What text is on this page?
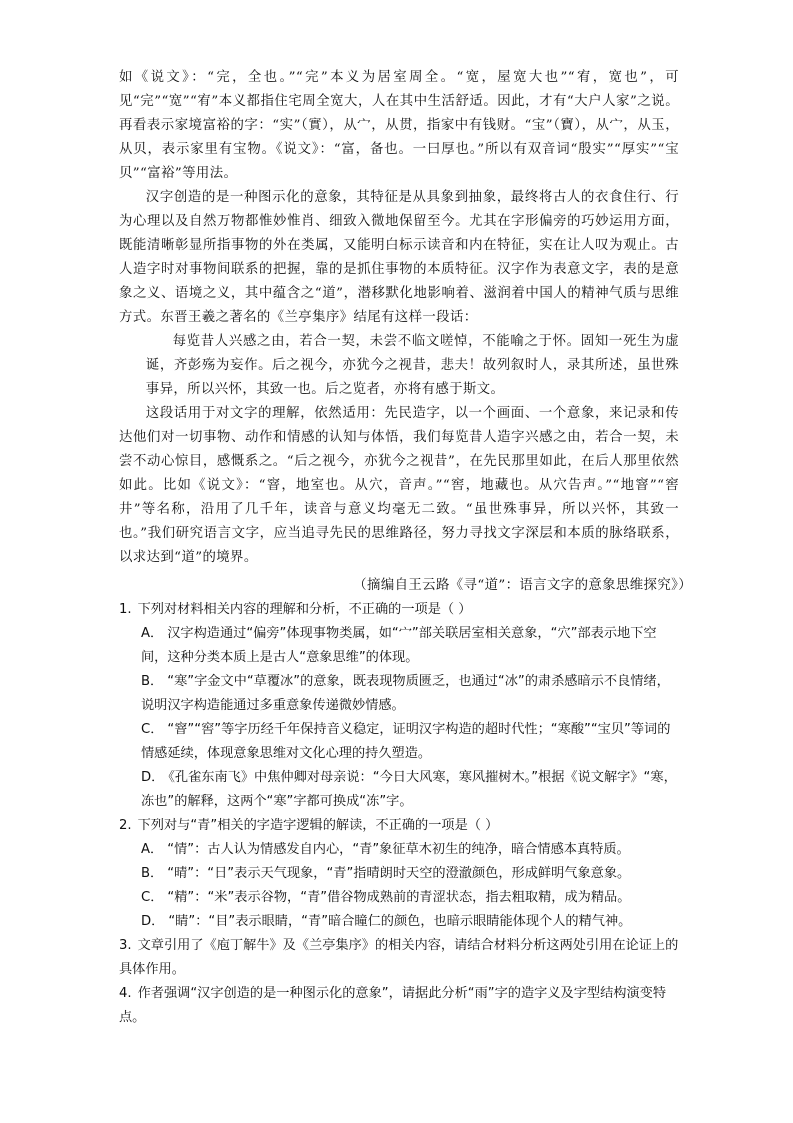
如《说文》：“完，全也。”“完”本义为居室周全。“宽，屋宽大也”“宥，宽也”，可见“完”“宽”“宥”本义都指住宅周全宽大，人在其中生活舒适。因此，才有“大户人家”之说。再看表示家境富裕的字：“实”（實），从宀，从贯，指家中有钱财。“宝”（寶），从宀，从玉，从贝，表示家里有宝物。《说文》：“富，备也。一曰厚也。”所以有双音词“殷实”“厚实”“宝贝”“富裕”等用法。

汉字创造的是一种图示化的意象，其特征是从具象到抽象，最终将古人的衣食住行、行为心理以及自然万物都惟妙惟肖、细致入微地保留至今。尤其在字形偏旁的巧妙运用方面，既能清晰彰显所指事物的外在类属，又能明白标示读音和内在特征，实在让人叹为观止。古人造字时对事物间联系的把握，靠的是抓住事物的本质特征。汉字作为表意文字，表的是意象之义、语境之义，其中蕴含之“道”，潜移默化地影响着、滋润着中国人的精神气质与思维方式。东晋王羲之著名的《兰亭集序》结尾有这样一段话：

每览昔人兴感之由，若合一契，未尝不临文嗟悼，不能喻之于怀。固知一死生为虚诞，齐彭殇为妄作。后之视今，亦犹今之视昔，悲夫！故列叙时人，录其所述，虽世殊事异，所以兴怀，其致一也。后之览者，亦将有感于斯文。

这段话用于对文字的理解，依然适用：先民造字，以一个画面、一个意象，来记录和传达他们对一切事物、动作和情感的认知与体悟，我们每览昔人造字兴感之由，若合一契，未尝不动心惊目，感慨系之。“后之视今，亦犹今之视昔”，在先民那里如此，在后人那里依然如此。比如《说文》：“窨，地室也。从穴，音声。”“窖，地藏也。从穴告声。”“地窨”“窖井”等名称，沿用了几千年，读音与意义均毫无二致。“虽世殊事异，所以兴怀，其致一也。”我们研究语言文字，应当追寻先民的思维路径，努力寻找文字深层和本质的脉络联系，以求达到“道”的境界。

（摘编自王云路《寻“道”：语言文字的意象思维探究》）
1. 下列对材料相关内容的理解和分析，不正确的一项是（ ）
A． 汉字构造通过“偏旁”体现事物类属，如“宀”部关联居室相关意象，“穴”部表示地下空间，这种分类本质上是古人“意象思维”的体现。
B． “寒”字金文中“草覆冰”的意象，既表现物质匮乏，也通过“冰”的肃杀感暗示不良情绪，说明汉字构造能通过多重意象传递微妙情感。
C． “窨”“窖”等字历经千年保持音义稳定，证明汉字构造的超时代性；“寒酸”“宝贝”等词的情感延续，体现意象思维对文化心理的持久塑造。
D． 《孔雀东南飞》中焦仲卿对母亲说：“今日大风寒，寒风摧树木。”根据《说文解字》“寒，冻也”的解释，这两个“寒”字都可换成“冻”字。
2. 下列对与“青”相关的字造字逻辑的解读，不正确的一项是（ ）
A． “情”：古人认为情感发自内心，“青”象征草木初生的纯净，暗合情感本真特质。
B． “晴”：“日”表示天气现象，“青”指晴朗时天空的澄澈颜色，形成鲜明气象意象。
C． “精”：“米”表示谷物，“青”借谷物成熟前的青涩状态，指去粗取精，成为精品。
D． “睛”：“目”表示眼睛，“青”暗合瞳仁的颜色，也暗示眼睛能体现个人的精气神。
3. 文章引用了《庖丁解牛》及《兰亭集序》的相关内容，请结合材料分析这两处引用在论证上的具体作用。
4. 作者强调“汉字创造的是一种图示化的意象”，请据此分析“雨”字的造字义及字型结构演变特点。
